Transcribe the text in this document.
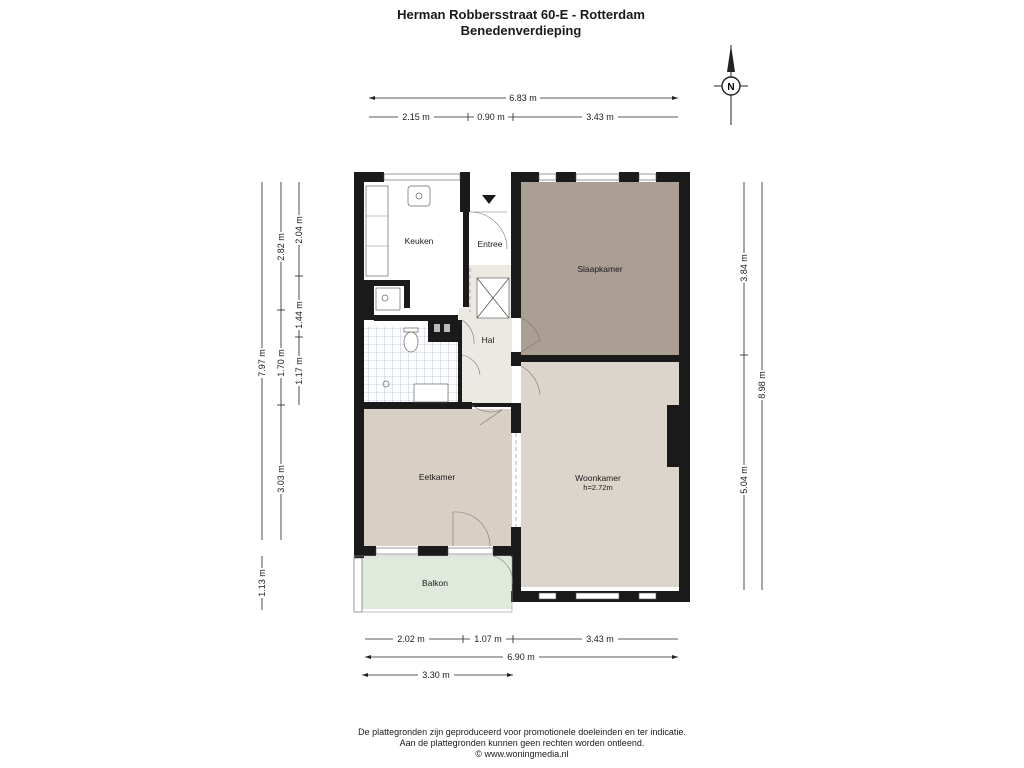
Herman Robbersstraat 60-E - Rotterdam
Benedenverdieping
N
6.83 m
2.15 m	0.90 m	3.43 m
7.97 m
2.82 m
1.70 m
3.03 m
2.04 m
1.44 m
1.17 m
1.13 m
3.84 m
5.04 m
8.98 m
2.02 m	1.07 m	3.43 m
6.90 m
3.30 m
Keuken	Entree
Slaapkamer
Hal
Eetkamer	Woonkamer
h=2.72m
Balkon
De plattegronden zijn geproduceerd voor promotionele doeleinden en ter indicatie.
Aan de plattegronden kunnen geen rechten worden ontleend.
© www.woningmedia.nl
